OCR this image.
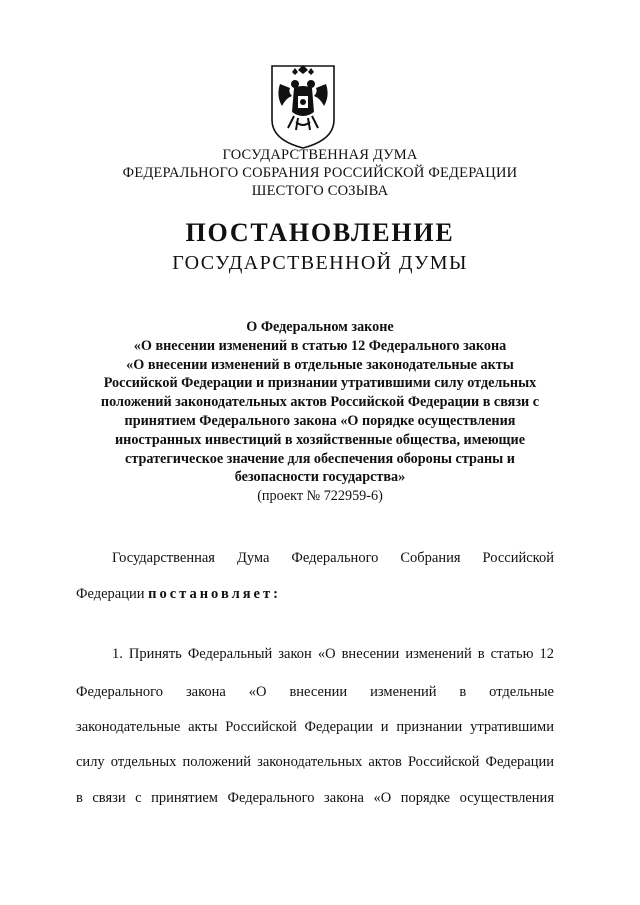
ГОСУДАРСТВЕННАЯ ДУМА
ФЕДЕРАЛЬНОГО СОБРАНИЯ РОССИЙСКОЙ ФЕДЕРАЦИИ
ШЕСТОГО СОЗЫВА
ПОСТАНОВЛЕНИЕ
ГОСУДАРСТВЕННОЙ ДУМЫ
О Федеральном законе
«О внесении изменений в статью 12 Федерального закона
«О внесении изменений в отдельные законодательные акты
Российской Федерации и признании утратившими силу отдельных
положений законодательных актов Российской Федерации в связи с
принятием Федерального закона «О порядке осуществления
иностранных инвестиций в хозяйственные общества, имеющие
стратегическое значение для обеспечения обороны страны и
безопасности государства»
(проект № 722959-6)
Государственная Дума Федерального Собрания Российской
Федерации постановляет:
1. Принять Федеральный закон «О внесении изменений в статью 12
Федерального закона «О внесении изменений в отдельные
законодательные акты Российской Федерации и признании утратившими
силу отдельных положений законодательных актов Российской Федерации
в связи с принятием Федерального закона «О порядке осуществления
